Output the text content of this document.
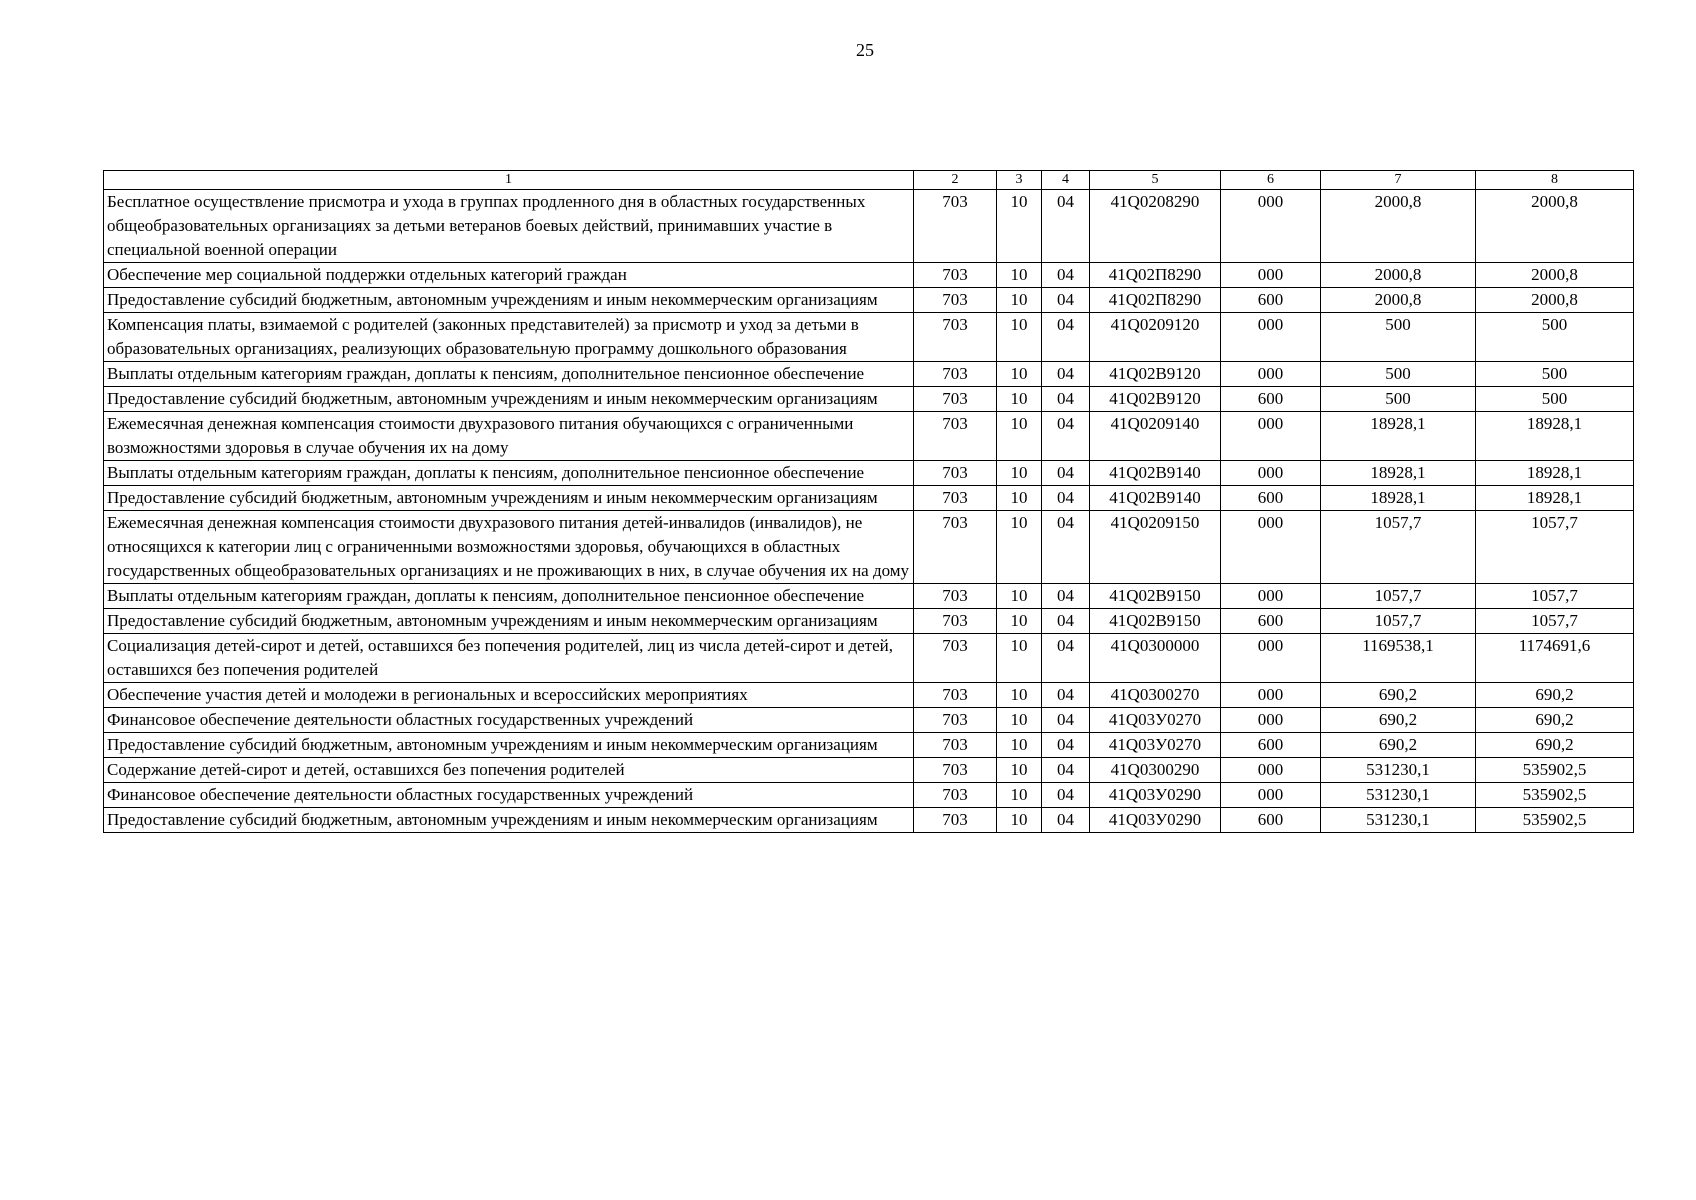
25
1	2	3	4	5	6	7	8
Бесплатное осуществление присмотра и ухода в группах продленного дня в областных государственных общеобразовательных организациях за детьми ветеранов боевых действий, принимавших участие в специальной военной операции	703	10	04	41Q0208290	000	2000,8	2000,8
Обеспечение мер социальной поддержки отдельных категорий граждан	703	10	04	41Q02П8290	000	2000,8	2000,8
Предоставление субсидий бюджетным, автономным учреждениям и иным некоммерческим организациям	703	10	04	41Q02П8290	600	2000,8	2000,8
Компенсация платы, взимаемой с родителей (законных представителей) за присмотр и уход за детьми в образовательных организациях, реализующих образовательную программу дошкольного образования	703	10	04	41Q0209120	000	500	500
Выплаты отдельным категориям граждан, доплаты к пенсиям, дополнительное пенсионное обеспечение	703	10	04	41Q02В9120	000	500	500
Предоставление субсидий бюджетным, автономным учреждениям и иным некоммерческим организациям	703	10	04	41Q02В9120	600	500	500
Ежемесячная денежная компенсация стоимости двухразового питания обучающихся с ограниченными возможностями здоровья в случае обучения их на дому	703	10	04	41Q0209140	000	18928,1	18928,1
Выплаты отдельным категориям граждан, доплаты к пенсиям, дополнительное пенсионное обеспечение	703	10	04	41Q02В9140	000	18928,1	18928,1
Предоставление субсидий бюджетным, автономным учреждениям и иным некоммерческим организациям	703	10	04	41Q02В9140	600	18928,1	18928,1
Ежемесячная денежная компенсация стоимости двухразового питания детей-инвалидов (инвалидов), не относящихся к категории лиц с ограниченными возможностями здоровья, обучающихся в областных государственных общеобразовательных организациях и не проживающих в них, в случае обучения их на дому	703	10	04	41Q0209150	000	1057,7	1057,7
Выплаты отдельным категориям граждан, доплаты к пенсиям, дополнительное пенсионное обеспечение	703	10	04	41Q02В9150	000	1057,7	1057,7
Предоставление субсидий бюджетным, автономным учреждениям и иным некоммерческим организациям	703	10	04	41Q02В9150	600	1057,7	1057,7
Социализация детей-сирот и детей, оставшихся без попечения родителей, лиц из числа детей-сирот и детей, оставшихся без попечения родителей	703	10	04	41Q0300000	000	1169538,1	1174691,6
Обеспечение участия детей и молодежи в региональных и всероссийских мероприятиях	703	10	04	41Q0300270	000	690,2	690,2
Финансовое обеспечение деятельности областных государственных учреждений	703	10	04	41Q03У0270	000	690,2	690,2
Предоставление субсидий бюджетным, автономным учреждениям и иным некоммерческим организациям	703	10	04	41Q03У0270	600	690,2	690,2
Содержание детей-сирот и детей, оставшихся без попечения родителей	703	10	04	41Q0300290	000	531230,1	535902,5
Финансовое обеспечение деятельности областных государственных учреждений	703	10	04	41Q03У0290	000	531230,1	535902,5
Предоставление субсидий бюджетным, автономным учреждениям и иным некоммерческим организациям	703	10	04	41Q03У0290	600	531230,1	535902,5
